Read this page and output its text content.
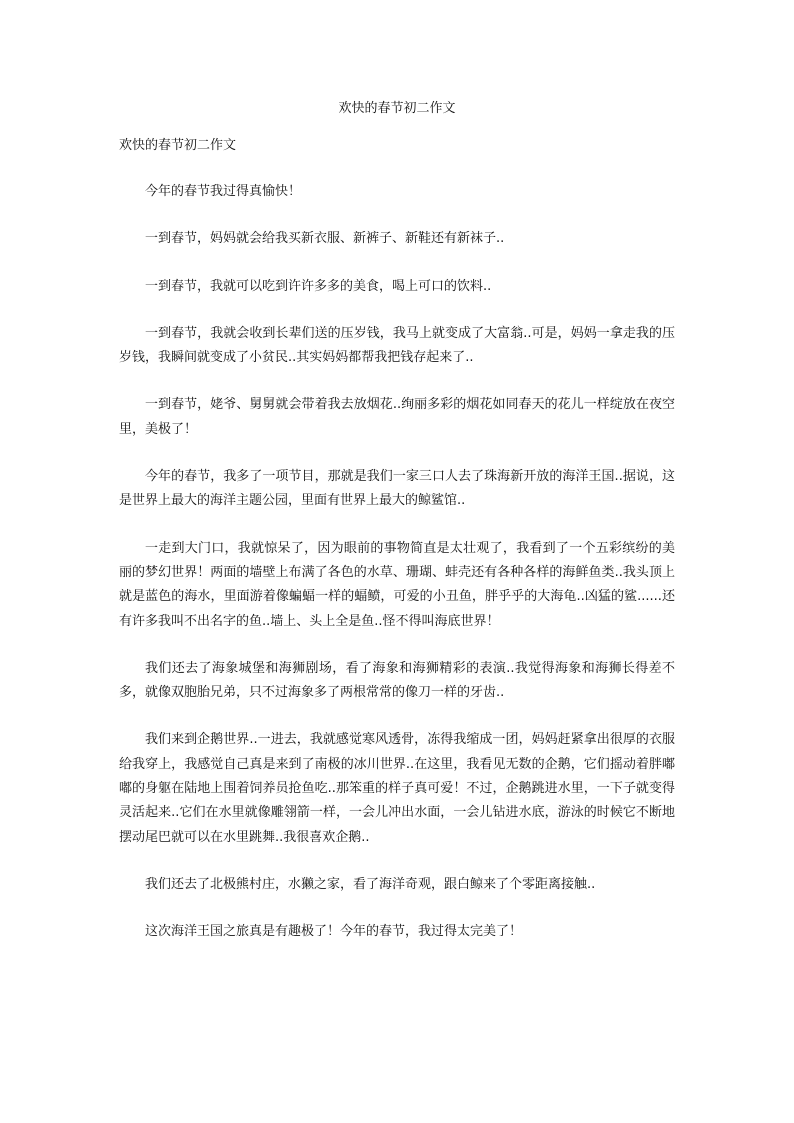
欢快的春节初二作文
欢快的春节初二作文

今年的春节我过得真愉快！

一到春节，妈妈就会给我买新衣服、新裤子、新鞋还有新袜子..

一到春节，我就可以吃到许许多多的美食，喝上可口的饮料..

一到春节，我就会收到长辈们送的压岁钱，我马上就变成了大富翁..可是，妈妈一拿走我的压岁钱，我瞬间就变成了小贫民..其实妈妈都帮我把钱存起来了..

一到春节，姥爷、舅舅就会带着我去放烟花..绚丽多彩的烟花如同春天的花儿一样绽放在夜空里，美极了！

今年的春节，我多了一项节目，那就是我们一家三口人去了珠海新开放的海洋王国..据说，这是世界上最大的海洋主题公园，里面有世界上最大的鲸鲨馆..

一走到大门口，我就惊呆了，因为眼前的事物简直是太壮观了，我看到了一个五彩缤纷的美丽的梦幻世界！两面的墙壁上布满了各色的水草、珊瑚、蚌壳还有各种各样的海鲜鱼类..我头顶上就是蓝色的海水，里面游着像蝙蝠一样的蝠鲼，可爱的小丑鱼，胖乎乎的大海龟..凶猛的鲨......还有许多我叫不出名字的鱼..墙上、头上全是鱼..怪不得叫海底世界！

我们还去了海象城堡和海狮剧场，看了海象和海狮精彩的表演..我觉得海象和海狮长得差不多，就像双胞胎兄弟，只不过海象多了两根常常的像刀一样的牙齿..

我们来到企鹅世界..一进去，我就感觉寒风透骨，冻得我缩成一团，妈妈赶紧拿出很厚的衣服给我穿上，我感觉自己真是来到了南极的冰川世界..在这里，我看见无数的企鹅，它们摇动着胖嘟嘟的身躯在陆地上围着饲养员抢鱼吃..那笨重的样子真可爱！不过，企鹅跳进水里，一下子就变得灵活起来..它们在水里就像雕翎箭一样，一会儿冲出水面，一会儿钻进水底，游泳的时候它不断地摆动尾巴就可以在水里跳舞..我很喜欢企鹅..

我们还去了北极熊村庄，水獭之家，看了海洋奇观，跟白鲸来了个零距离接触..

这次海洋王国之旅真是有趣极了！今年的春节，我过得太完美了！
